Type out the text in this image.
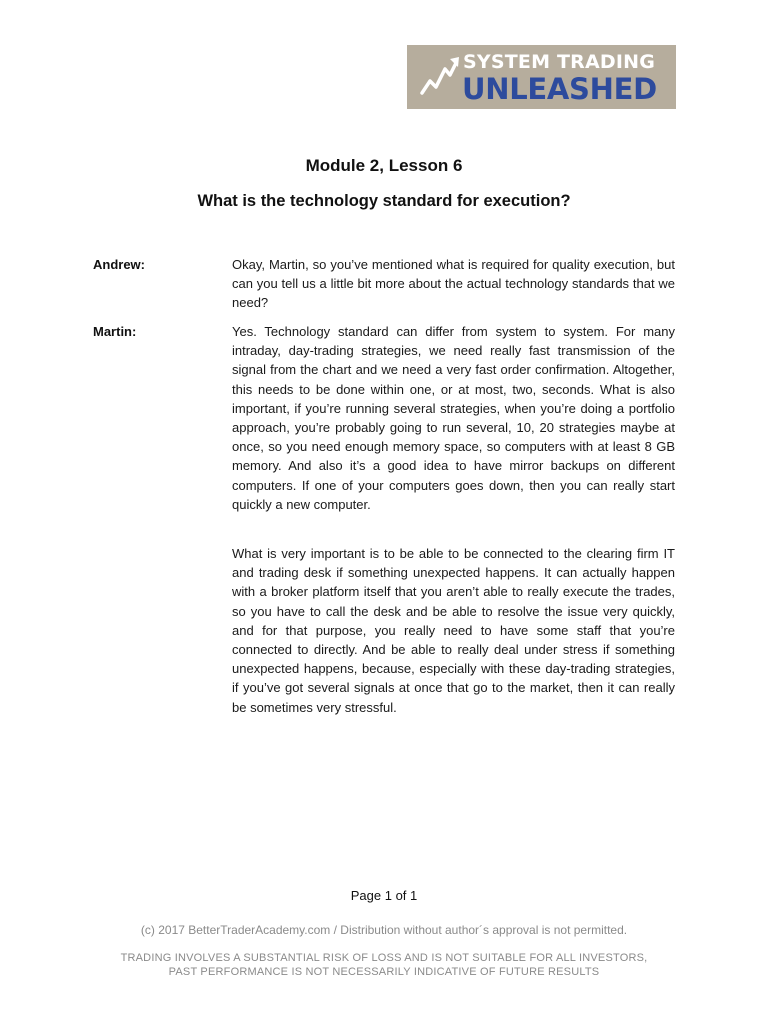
SYSTEM TRADING
UNLEASHED
Module 2, Lesson 6
What is the technology standard for execution?
Andrew:	Okay, Martin, so you’ve mentioned what is required for quality execution, but can you tell us a little bit more about the actual technology standards that we need?
Martin:	Yes. Technology standard can differ from system to system. For many intraday, day-trading strategies, we need really fast transmission of the signal from the chart and we need a very fast order confirmation. Altogether, this needs to be done within one, or at most, two, seconds. What is also important, if you’re running several strategies, when you’re doing a portfolio approach, you’re probably going to run several, 10, 20 strategies maybe at once, so you need enough memory space, so computers with at least 8 GB memory. And also it’s a good idea to have mirror backups on different computers. If one of your computers goes down, then you can really start quickly a new computer.
What is very important is to be able to be connected to the clearing firm IT and trading desk if something unexpected happens. It can actually happen with a broker platform itself that you aren’t able to really execute the trades, so you have to call the desk and be able to resolve the issue very quickly, and for that purpose, you really need to have some staff that you’re connected to directly. And be able to really deal under stress if something unexpected happens, because, especially with these day-trading strategies, if you’ve got several signals at once that go to the market, then it can really be sometimes very stressful.
Page 1 of 1
(c) 2017 BetterTraderAcademy.com / Distribution without author´s approval is not permitted.
TRADING INVOLVES A SUBSTANTIAL RISK OF LOSS AND IS NOT SUITABLE FOR ALL INVESTORS,
PAST PERFORMANCE IS NOT NECESSARILY INDICATIVE OF FUTURE RESULTS
